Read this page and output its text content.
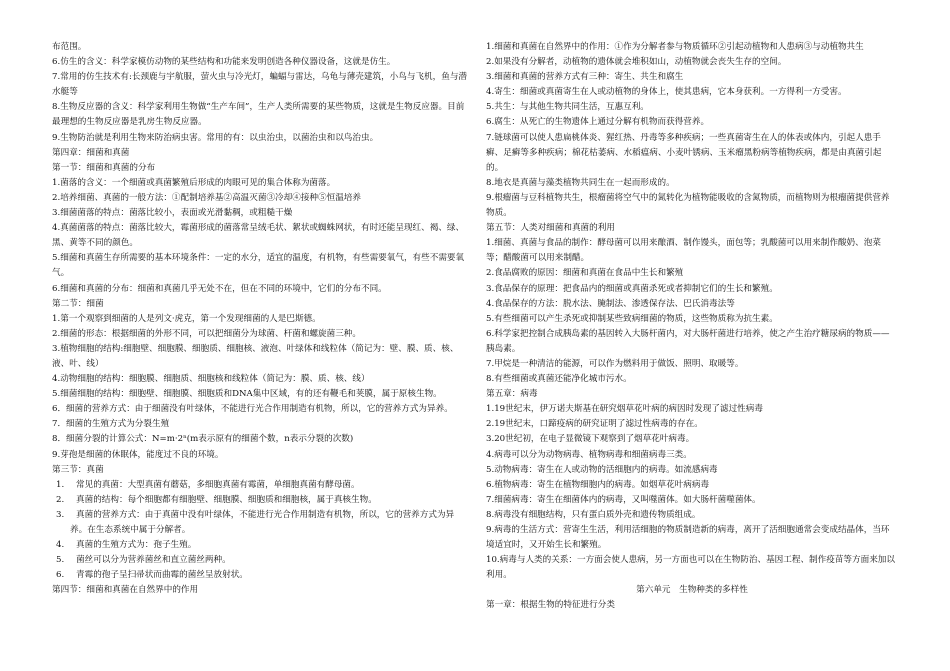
布范围。

6.仿生的含义：科学家模仿动物的某些结构和功能来发明创造各种仪器设备，这就是仿生。

7.常用的仿生技术有:长颈鹿与宇航服，萤火虫与冷光灯，蝙蝠与雷达，乌龟与薄壳建筑，小鸟与飞机，鱼与潜水艇等

8.生物反应器的含义：科学家利用生物做“生产车间”，生产人类所需要的某些物质，这就是生物反应器。目前最理想的生物反应器是乳房生物反应器。

9.生物防治就是利用生物来防治病虫害。常用的有：以虫治虫，以菌治虫和以鸟治虫。

第四章：细菌和真菌

第一节：细菌和真菌的分布

1.菌落的含义：一个细菌或真菌繁殖后形成的肉眼可见的集合体称为菌落。

2.培养细菌、真菌的一般方法：①配制培养基②高温灭菌③冷却④接种⑤恒温培养

3.细菌菌落的特点：菌落比较小，表面或光滑黏稠，或粗糙干燥

4.真菌菌落的特点：菌落比较大，霉菌形成的菌落常呈绒毛状、絮状或蜘蛛网状，有时还能呈现红、褐、绿、黑、黄等不同的颜色。

5.细菌和真菌生存所需要的基本环境条件：一定的水分，适宜的温度，有机物，有些需要氧气，有些不需要氧气。

6.细菌和真菌的分布：细菌和真菌几乎无处不在，但在不同的环境中，它们的分布不同。

第二节：细菌

1.第一个观察到细菌的人是列文·虎克，第一个发现细菌的人是巴斯德。

2.细菌的形态：根据细菌的外形不同，可以把细菌分为球菌、杆菌和螺旋菌三种。

3.植物细胞的结构:细胞壁、细胞膜、细胞质、细胞核、液泡、叶绿体和线粒体（简记为：壁、膜、质、核、液、叶、线）

4.动物细胞的结构：细胞膜、细胞质、细胞核和线粒体（简记为：膜、质、核、线）

5.细菌细胞的结构：细胞壁、细胞膜、细胞质和DNA集中区域，有的还有鞭毛和荚膜，属于原核生物。

6．细菌的营养方式：由于细菌没有叶绿体，不能进行光合作用制造有机物，所以，它的营养方式为异养。

7．细菌的生殖方式为分裂生殖

8．细菌分裂的计算公式：N=m·2ⁿ(m表示原有的细菌个数，n表示分裂的次数)

9.芽孢是细菌的休眠体，能度过不良的环境。

第三节：真菌

1. 常见的真菌：大型真菌有蘑菇，多细胞真菌有霉菌，单细胞真菌有酵母菌。

2. 真菌的结构：每个细胞都有细胞壁、细胞膜、细胞质和细胞核，属于真核生物。

3. 真菌的营养方式：由于真菌中没有叶绿体，不能进行光合作用制造有机物，所以，它的营养方式为异养。在生态系统中属于分解者。

4. 真菌的生殖方式为：孢子生殖。

5. 菌丝可以分为营养菌丝和直立菌丝两种。

6. 青霉的孢子呈扫帚状而曲霉的菌丝呈放射状。

第四节：细菌和真菌在自然界中的作用

1.细菌和真菌在自然界中的作用：①作为分解者参与物质循环②引起动植物和人患病③与动植物共生

2.如果没有分解者，动植物的遗体就会堆积如山，动植物就会丧失生存的空间。

3.细菌和真菌的营养方式有三种：寄生、共生和腐生

4.寄生：细菌或真菌寄生在人或动植物的身体上，使其患病，它本身获利。一方得利一方受害。

5.共生：与其他生物共同生活，互惠互利。

6.腐生：从死亡的生物遗体上通过分解有机物而获得营养。

7.链球菌可以使人患扁桃体炎、猩红热、丹毒等多种疾病；一些真菌寄生在人的体表或体内，引起人患手癣、足癣等多种疾病；棉花枯萎病、水稻瘟病、小麦叶锈病、玉米瘤黑粉病等植物疾病，都是由真菌引起的。

8.地衣是真菌与藻类植物共同生在一起而形成的。

9.根瘤菌与豆科植物共生，根瘤菌将空气中的氮转化为植物能吸收的含氮物质，而植物则为根瘤菌提供营养物质。

第五节：人类对细菌和真菌的利用

1.细菌、真菌与食品的制作：酵母菌可以用来酿酒、制作馒头，面包等；乳酸菌可以用来制作酸奶、泡菜等；醋酸菌可以用来制醋。

2.食品腐败的原因：细菌和真菌在食品中生长和繁殖

3.食品保存的原理：把食品内的细菌或真菌杀死或者抑制它们的生长和繁殖。

4.食品保存的方法：脱水法、腌制法、渗透保存法、巴氏消毒法等

5.有些细菌可以产生杀死或抑制某些致病细菌的物质，这些物质称为抗生素。

6.科学家把控制合成胰岛素的基因转入大肠杆菌内，对大肠杆菌进行培养，使之产生治疗糖尿病的物质——胰岛素。

7.甲烷是一种清洁的能源，可以作为燃料用于做饭、照明、取暖等。

8.有些细菌或真菌还能净化城市污水。

第五章：病毒

1.19世纪末，伊万诺夫斯基在研究烟草花叶病的病因时发现了滤过性病毒

2.19世纪末，口蹄疫病的研究证明了滤过性病毒的存在。

3.20世纪初，在电子显微镜下观察到了烟草花叶病毒。

4.病毒可以分为动物病毒、植物病毒和细菌病毒三类。

5.动物病毒：寄生在人或动物的活细胞内的病毒。如流感病毒

6.植物病毒：寄生在植物细胞内的病毒。如烟草花叶病病毒

7.细菌病毒：寄生在细菌体内的病毒，又叫噬菌体。如大肠杆菌噬菌体。

8.病毒没有细胞结构，只有蛋白质外壳和遗传物质组成。

9.病毒的生活方式：营寄生生活，利用活细胞的物质制造新的病毒，离开了活细胞通常会变成结晶体，当环境适宜时，又开始生长和繁殖。

10.病毒与人类的关系：一方面会使人患病，另一方面也可以在生物防治、基因工程、制作疫苗等方面来加以利用。

第六单元　生物种类的多样性

第一章：根据生物的特征进行分类
